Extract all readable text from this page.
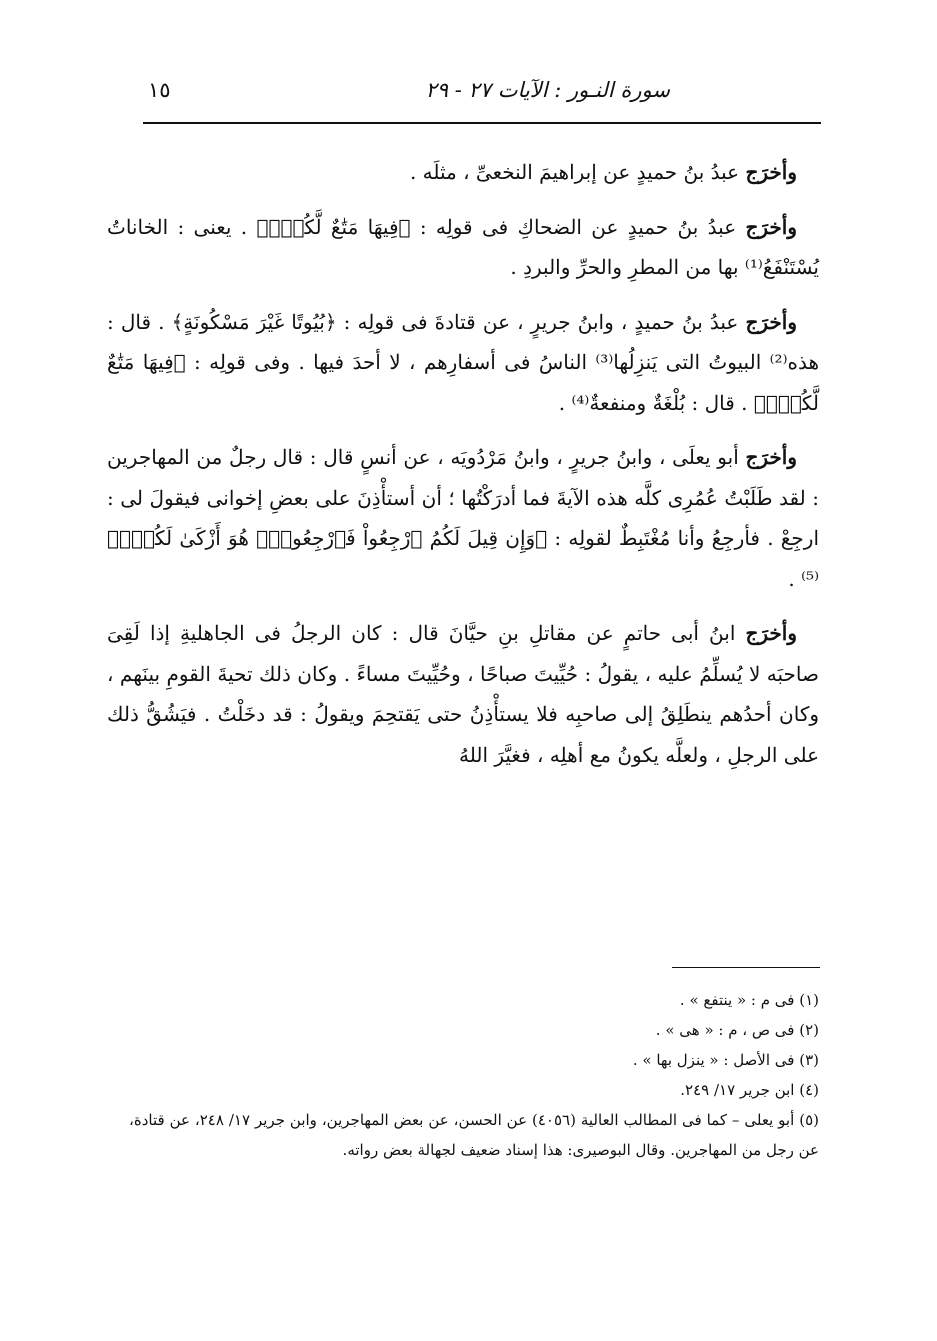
سورة النـور : الآيات ٢٧ - ٢٩
١٥

وأخرَج عبدُ بنُ حميدٍ عن إبراهيمَ النخعىِّ ، مثلَه .

وأخرَج عبدُ بنُ حميدٍ عن الضحاكِ فى قولِه : ﴿فِيهَا مَتَٰعٌ لَّكُمْۚ﴾ . يعنى : الخاناتُ يُسْتَنْفَعُ⁽¹⁾ بها من المطرِ والحرِّ والبردِ .

وأخرَج عبدُ بنُ حميدٍ ، وابنُ جريرٍ ، عن قتادةَ فى قولِه : ﴿بُيُوتًا غَيْرَ مَسْكُونَةٍ﴾ . قال : هذه⁽²⁾ البيوتُ التى يَنزِلُها⁽³⁾ الناسُ فى أسفارِهم ، لا أحدَ فيها . وفى قولِه : ﴿فِيهَا مَتَٰعٌ لَّكُمْۚ﴾ . قال : بُلْغَةٌ ومنفعةٌ⁽⁴⁾ .

وأخرَج أبو يعلَى ، وابنُ جريرٍ ، وابنُ مَرْدُويَه ، عن أنسٍ قال : قال رجلٌ من المهاجرين : لقد طَلَبْتُ عُمُرِى كلَّه هذه الآيةَ فما أدرَكْتُها ؛ أن أستأْذِنَ على بعضِ إخوانى فيقولَ لى : ارجِعْ . فأرجِعُ وأنا مُغْتَبِطٌ لقولِه : ﴿وَإِن قِيلَ لَكُمُ ٱرْجِعُواْ فَٱرْجِعُواْۖ هُوَ أَزْكَىٰ لَكُمْۚ﴾⁽⁵⁾ .

وأخرَج ابنُ أبى حاتمٍ عن مقاتلِ بنِ حيَّانَ قال : كان الرجلُ فى الجاهليةِ إذا لَقِىَ صاحبَه لا يُسلِّمُ عليه ، يقولُ : حُيِّيتَ صباحًا ، وحُيِّيتَ مساءً . وكان ذلك تحيةَ القومِ بينَهم ، وكان أحدُهم ينطَلِقُ إلى صاحبِه فلا يستأْذِنُ حتى يَقتحِمَ ويقولُ : قد دخَلْتُ . فيَشُقُّ ذلك على الرجلِ ، ولعلَّه يكونُ مع أهلِه ، فغيَّرَ اللهُ

(١) فى م : « ينتفع » .

(٢) فى ص ، م : « هى » .

(٣) فى الأصل : « ينزل بها » .

(٤) ابن جرير ١٧/ ٢٤٩.

(٥) أبو يعلى – كما فى المطالب العالية (٤٠٥٦) عن الحسن، عن بعض المهاجرين، وابن جرير ١٧/ ٢٤٨، عن قتادة، عن رجل من المهاجرين. وقال البوصيرى: هذا إسناد ضعيف لجهالة بعض رواته.
